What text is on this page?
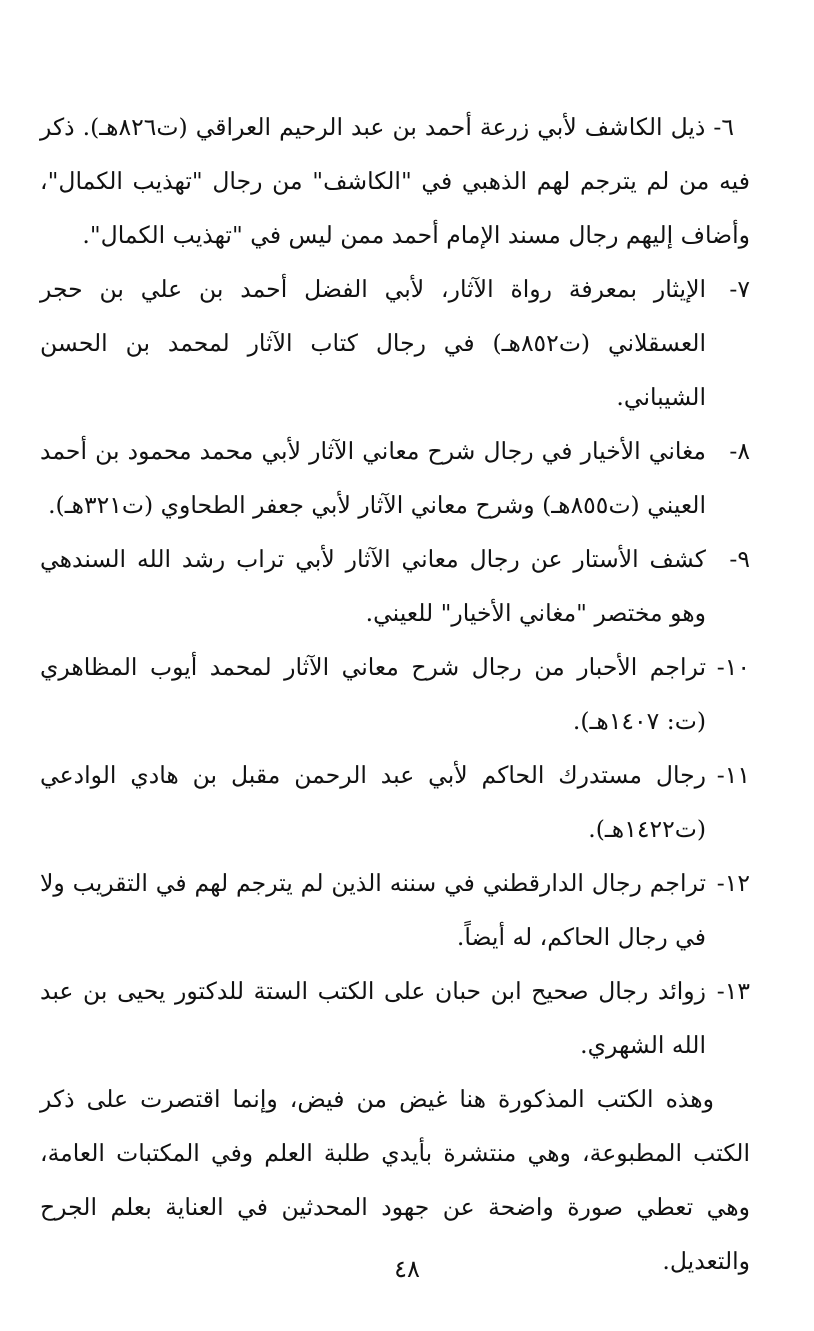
٦- ذيل الكاشف لأبي زرعة أحمد بن عبد الرحيم العراقي (ت٨٢٦هـ). ذكر فيه من لم يترجم لهم الذهبي في "الكاشف" من رجال "تهذيب الكمال"، وأضاف إليهم رجال مسند الإمام أحمد ممن ليس في "تهذيب الكمال".

٧-الإيثار بمعرفة رواة الآثار، لأبي الفضل أحمد بن علي بن حجر العسقلاني (ت٨٥٢هـ) في رجال كتاب الآثار لمحمد بن الحسن الشيباني.

٨-مغاني الأخيار في رجال شرح معاني الآثار لأبي محمد محمود بن أحمد العيني (ت٨٥٥هـ) وشرح معاني الآثار لأبي جعفر الطحاوي (ت٣٢١هـ).

٩-كشف الأستار عن رجال معاني الآثار لأبي تراب رشد الله السندهي وهو مختصر "مغاني الأخيار" للعيني.

١٠-تراجم الأحبار من رجال شرح معاني الآثار لمحمد أيوب المظاهري (ت: ١٤٠٧هـ).

١١-رجال مستدرك الحاكم لأبي عبد الرحمن مقبل بن هادي الوادعي (ت١٤٢٢هـ).

١٢-تراجم رجال الدارقطني في سننه الذين لم يترجم لهم في التقريب ولا في رجال الحاكم، له أيضاً.

١٣-زوائد رجال صحيح ابن حبان على الكتب الستة للدكتور يحيى بن عبد الله الشهري.

وهذه الكتب المذكورة هنا غيض من فيض، وإنما اقتصرت على ذكر الكتب المطبوعة، وهي منتشرة بأيدي طلبة العلم وفي المكتبات العامة، وهي تعطي صورة واضحة عن جهود المحدثين في العناية بعلم الجرح والتعديل.

٤٨
